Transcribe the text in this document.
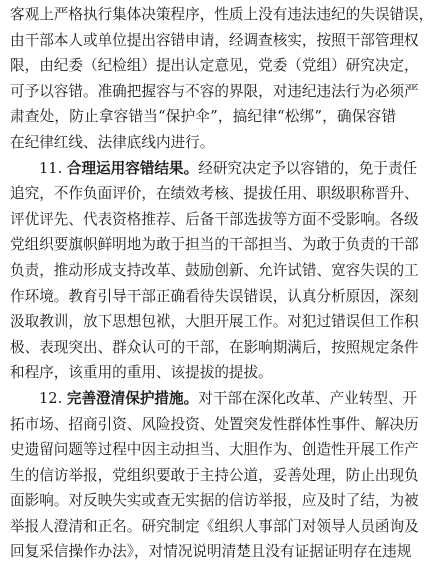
客观上严格执行集体决策程序，性质上没有违法违纪的失误错误，
由干部本人或单位提出容错申请，经调查核实，按照干部管理权
限，由纪委（纪检组）提出认定意见，党委（党组）研究决定，
可予以容错。准确把握容与不容的界限，对违纪违法行为必须严
肃查处，防止拿容错当“保护伞”，搞纪律“松绑”，确保容错
在纪律红线、法律底线内进行。
11. 合理运用容错结果。经研究决定予以容错的，免于责任
追究，不作负面评价，在绩效考核、提拔任用、职级职称晋升、
评优评先、代表资格推荐、后备干部选拔等方面不受影响。各级
党组织要旗帜鲜明地为敢于担当的干部担当、为敢于负责的干部
负责，推动形成支持改革、鼓励创新、允许试错、宽容失误的工
作环境。教育引导干部正确看待失误错误，认真分析原因，深刻
汲取教训，放下思想包袱，大胆开展工作。对犯过错误但工作积
极、表现突出、群众认可的干部，在影响期满后，按照规定条件
和程序，该重用的重用、该提拔的提拔。
12. 完善澄清保护措施。对干部在深化改革、产业转型、开
拓市场、招商引资、风险投资、处置突发性群体性事件、解决历
史遗留问题等过程中因主动担当、大胆作为、创造性开展工作产
生的信访举报，党组织要敢于主持公道，妥善处理，防止出现负
面影响。对反映失实或查无实据的信访举报，应及时了结，为被
举报人澄清和正名。研究制定《组织人事部门对领导人员函询及
回复采信操作办法》，对情况说明清楚且没有证据证明存在违规
